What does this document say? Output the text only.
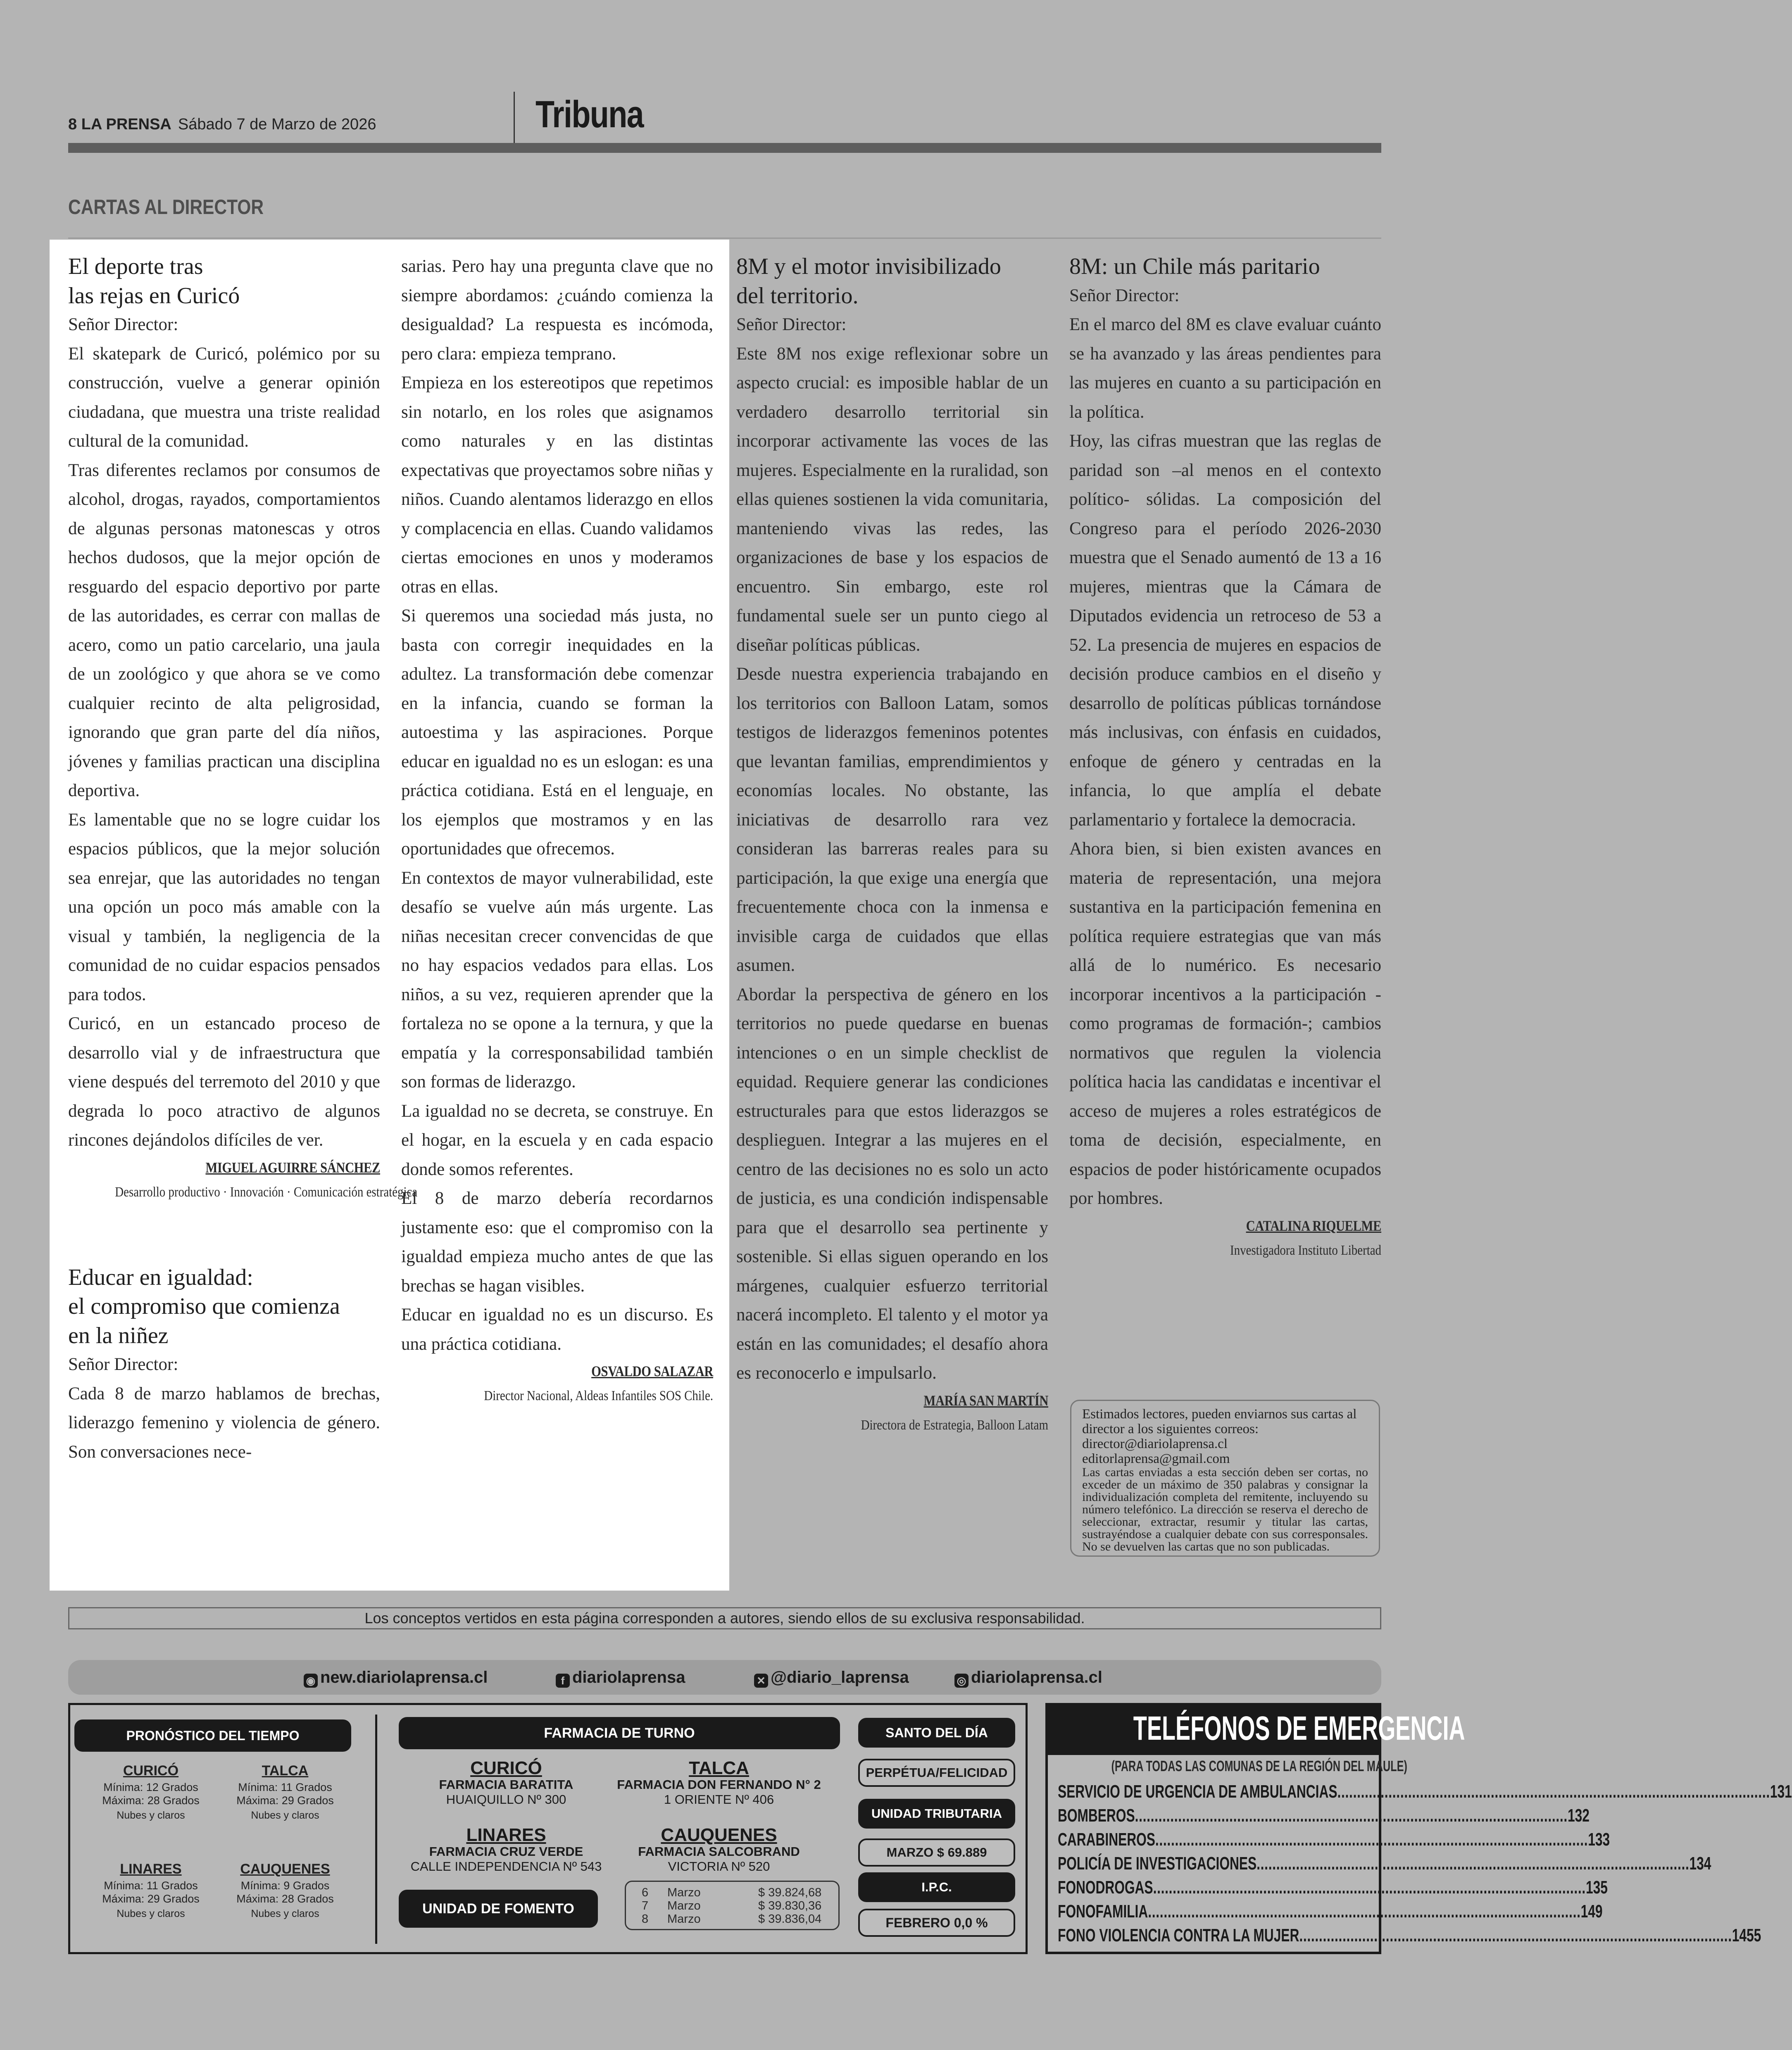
8 LA PRENSA Sábado 7 de Marzo de 2026	Tribuna
CARTAS AL DIRECTOR
El deporte tras
las rejas en Curicó

Señor Director:

El skatepark de Curicó, polémico por su construcción, vuelve a generar opinión ciudadana, que muestra una triste realidad cultural de la comunidad.

Tras diferentes reclamos por consumos de alcohol, drogas, rayados, comportamientos de algunas personas matonescas y otros hechos dudosos, que la mejor opción de resguardo del espacio deportivo por parte de las autoridades, es cerrar con mallas de acero, como un patio carcelario, una jaula de un zoológico y que ahora se ve como cualquier recinto de alta peligrosidad, ignorando que gran parte del día niños, jóvenes y familias practican una disciplina deportiva.

Es lamentable que no se logre cuidar los espacios públicos, que la mejor solución sea enrejar, que las autoridades no tengan una opción un poco más amable con la visual y también, la negligencia de la comunidad de no cuidar espacios pensados para todos.

Curicó, en un estancado proceso de desarrollo vial y de infraestructura que viene después del terremoto del 2010 y que degrada lo poco atractivo de algunos rincones dejándolos difíciles de ver.

MIGUEL AGUIRRE SÁNCHEZ
Desarrollo productivo · Innovación · Comunicación estratégica
Educar en igualdad:
el compromiso que comienza
en la niñez

Señor Director:

Cada 8 de marzo hablamos de brechas, liderazgo femenino y violencia de género. Son conversaciones nece-

sarias. Pero hay una pregunta clave que no siempre abordamos: ¿cuándo comienza la desigualdad? La respuesta es incómoda, pero clara: empieza temprano.

Empieza en los estereotipos que repetimos sin notarlo, en los roles que asignamos como naturales y en las distintas expectativas que proyectamos sobre niñas y niños. Cuando alentamos liderazgo en ellos y complacencia en ellas. Cuando validamos ciertas emociones en unos y moderamos otras en ellas.

Si queremos una sociedad más justa, no basta con corregir inequidades en la adultez. La transformación debe comenzar en la infancia, cuando se forman la autoestima y las aspiraciones. Porque educar en igualdad no es un eslogan: es una práctica cotidiana. Está en el lenguaje, en los ejemplos que mostramos y en las oportunidades que ofrecemos.

En contextos de mayor vulnerabilidad, este desafío se vuelve aún más urgente. Las niñas necesitan crecer convencidas de que no hay espacios vedados para ellas. Los niños, a su vez, requieren aprender que la fortaleza no se opone a la ternura, y que la empatía y la corresponsabilidad también son formas de liderazgo.

La igualdad no se decreta, se construye. En el hogar, en la escuela y en cada espacio donde somos referentes.

El 8 de marzo debería recordarnos justamente eso: que el compromiso con la igualdad empieza mucho antes de que las brechas se hagan visibles.

Educar en igualdad no es un discurso. Es una práctica cotidiana.

OSVALDO SALAZAR
Director Nacional, Aldeas Infantiles SOS Chile.
8M y el motor invisibilizado
del territorio.

Señor Director:

Este 8M nos exige reflexionar sobre un aspecto crucial: es imposible hablar de un verdadero desarrollo territorial sin incorporar activamente las voces de las mujeres. Especialmente en la ruralidad, son ellas quienes sostienen la vida comunitaria, manteniendo vivas las redes, las organizaciones de base y los espacios de encuentro. Sin embargo, este rol fundamental suele ser un punto ciego al diseñar políticas públicas.

Desde nuestra experiencia trabajando en los territorios con Balloon Latam, somos testigos de liderazgos femeninos potentes que levantan familias, emprendimientos y economías locales. No obstante, las iniciativas de desarrollo rara vez consideran las barreras reales para su participación, la que exige una energía que frecuentemente choca con la inmensa e invisible carga de cuidados que ellas asumen.

Abordar la perspectiva de género en los territorios no puede quedarse en buenas intenciones o en un simple checklist de equidad. Requiere generar las condiciones estructurales para que estos liderazgos se desplieguen. Integrar a las mujeres en el centro de las decisiones no es solo un acto de justicia, es una condición indispensable para que el desarrollo sea pertinente y sostenible. Si ellas siguen operando en los márgenes, cualquier esfuerzo territorial nacerá incompleto. El talento y el motor ya están en las comunidades; el desafío ahora es reconocerlo e impulsarlo.

MARÍA SAN MARTÍN
Directora de Estrategia, Balloon Latam
8M: un Chile más paritario

Señor Director:

En el marco del 8M es clave evaluar cuánto se ha avanzado y las áreas pendientes para las mujeres en cuanto a su participación en la política.

Hoy, las cifras muestran que las reglas de paridad son –al menos en el contexto político- sólidas. La composición del Congreso para el período 2026-2030 muestra que el Senado aumentó de 13 a 16 mujeres, mientras que la Cámara de Diputados evidencia un retroceso de 53 a 52. La presencia de mujeres en espacios de decisión produce cambios en el diseño y desarrollo de políticas públicas tornándose más inclusivas, con énfasis en cuidados, enfoque de género y centradas en la infancia, lo que amplía el debate parlamentario y fortalece la democracia.

Ahora bien, si bien existen avances en materia de representación, una mejora sustantiva en la participación femenina en política requiere estrategias que van más allá de lo numérico. Es necesario incorporar incentivos a la participación -como programas de formación-; cambios normativos que regulen la violencia política hacia las candidatas e incentivar el acceso de mujeres a roles estratégicos de toma de decisión, especialmente, en espacios de poder históricamente ocupados por hombres.

CATALINA RIQUELME
Investigadora Instituto Libertad
Estimados lectores, pueden enviarnos sus cartas al director a los siguientes correos:
director@diariolaprensa.cl
editorlaprensa@gmail.com
Las cartas enviadas a esta sección deben ser cortas, no exceder de un máximo de 350 palabras y consignar la individualización completa del remitente, incluyendo su número telefónico. La dirección se reserva el derecho de seleccionar, extractar, resumir y titular las cartas, sustrayéndose a cualquier debate con sus corresponsales. No se devuelven las cartas que no son publicadas.
Los conceptos vertidos en esta página corresponden a autores, siendo ellos de su exclusiva responsabilidad.
◉ new.diariolaprensa.cl	f diariolaprensa	✕ @diario_laprensa	◎ diariolaprensa.cl
PRONÓSTICO DEL TIEMPO
CURICÓ
Mínima: 12 Grados
Máxima: 28 Grados
Nubes y claros
TALCA
Mínima: 11 Grados
Máxima: 29 Grados
Nubes y claros
LINARES
Mínima: 11 Grados
Máxima: 29 Grados
Nubes y claros
CAUQUENES
Mínima: 9 Grados
Máxima: 28 Grados
Nubes y claros
FARMACIA DE TURNO
CURICÓ
FARMACIA BARATITA
HUAIQUILLO Nº 300
TALCA
FARMACIA DON FERNANDO N° 2
1 ORIENTE Nº 406
LINARES
FARMACIA CRUZ VERDE
CALLE INDEPENDENCIA Nº 543
CAUQUENES
FARMACIA SALCOBRAND
VICTORIA Nº 520
UNIDAD DE FOMENTO
6 Marzo	$ 39.824,68
7 Marzo	$ 39.830,36
8 Marzo	$ 39.836,04
SANTO DEL DÍA
PERPÉTUA/FELICIDAD
UNIDAD TRIBUTARIA
MARZO $ 69.889
I.P.C.
FEBRERO 0,0 %
TELÉFONOS DE EMERGENCIA
(PARA TODAS LAS COMUNAS DE LA REGIÓN DEL MAULE)
SERVICIO DE URGENCIA DE AMBULANCIAS .............................................................................................................. 131
BOMBEROS .............................................................................................................. 132
CARABINEROS .............................................................................................................. 133
POLICÍA DE INVESTIGACIONES .............................................................................................................. 134
FONODROGAS .............................................................................................................. 135
FONOFAMILIA .............................................................................................................. 149
FONO VIOLENCIA CONTRA LA MUJER .............................................................................................................. 1455
